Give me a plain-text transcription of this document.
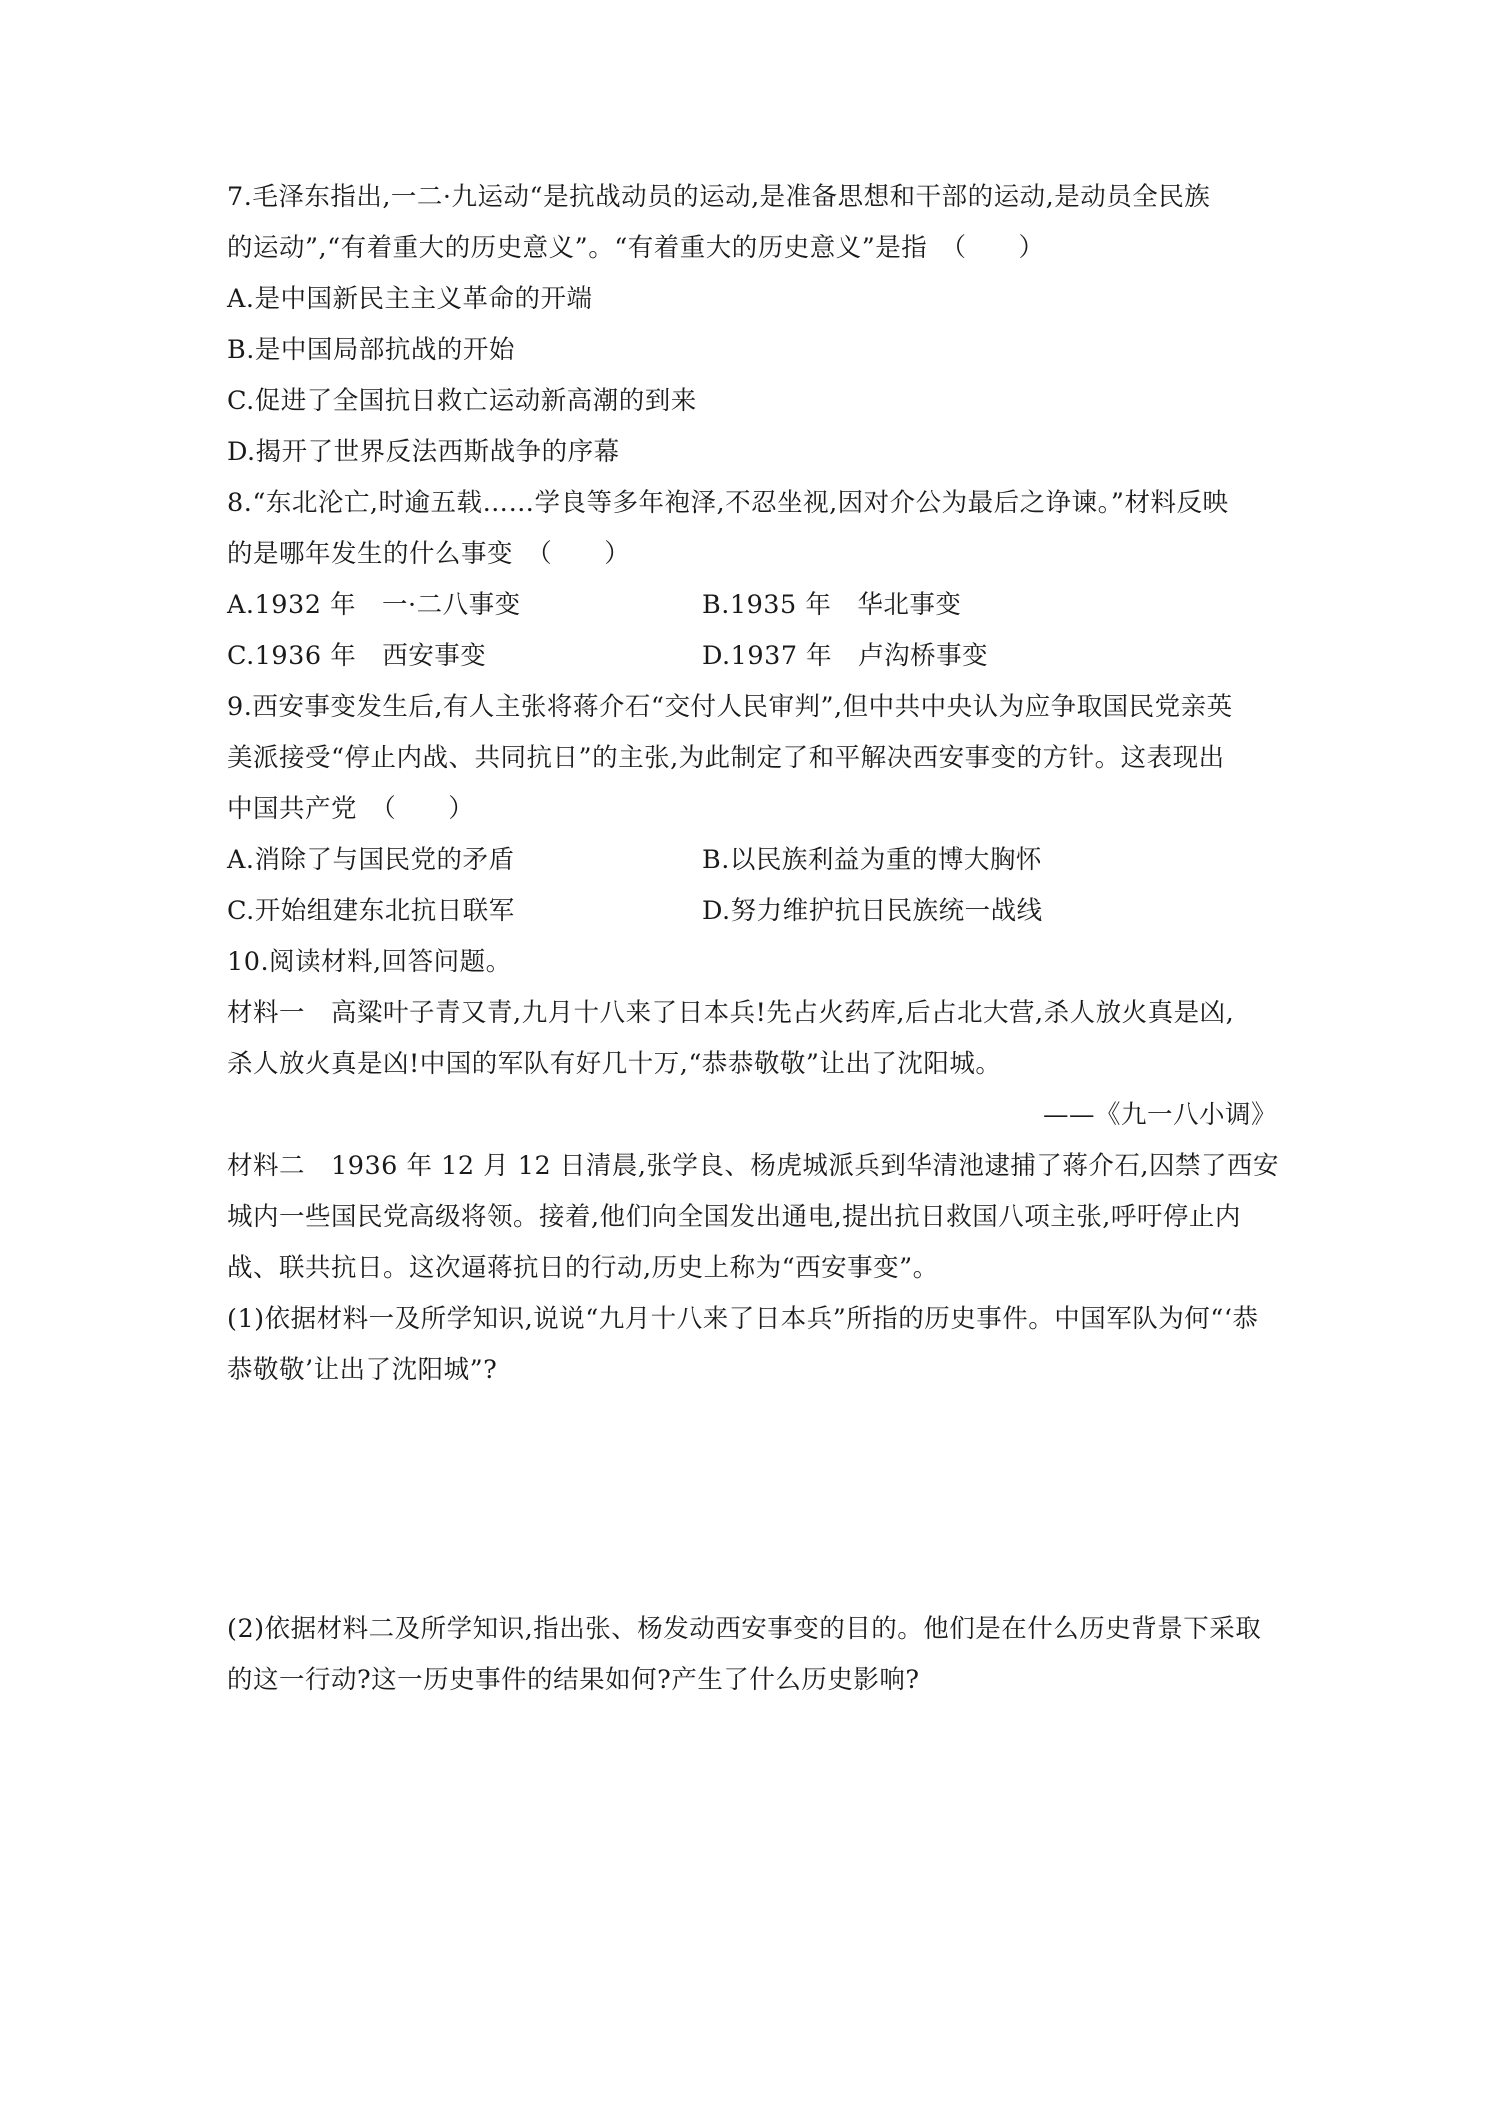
7.毛泽东指出,一二·九运动“是抗战动员的运动,是准备思想和干部的运动,是动员全民族
的运动”,“有着重大的历史意义”。“有着重大的历史意义”是指　（　　）
A.是中国新民主主义革命的开端
B.是中国局部抗战的开始
C.促进了全国抗日救亡运动新高潮的到来
D.揭开了世界反法西斯战争的序幕
8.“东北沦亡,时逾五载……学良等多年袍泽,不忍坐视,因对介公为最后之诤谏。”材料反映
的是哪年发生的什么事变　（　　）
A.1932 年　一·二八事变	B.1935 年　华北事变
C.1936 年　西安事变	D.1937 年　卢沟桥事变
9.西安事变发生后,有人主张将蒋介石“交付人民审判”,但中共中央认为应争取国民党亲英
美派接受“停止内战、共同抗日”的主张,为此制定了和平解决西安事变的方针。这表现出
中国共产党　（　　）
A.消除了与国民党的矛盾	B.以民族利益为重的博大胸怀
C.开始组建东北抗日联军	D.努力维护抗日民族统一战线
10.阅读材料,回答问题。
材料一　高粱叶子青又青,九月十八来了日本兵!先占火药库,后占北大营,杀人放火真是凶,
杀人放火真是凶!中国的军队有好几十万,“恭恭敬敬”让出了沈阳城。
——《九一八小调》
材料二　1936 年 12 月 12 日清晨,张学良、杨虎城派兵到华清池逮捕了蒋介石,囚禁了西安
城内一些国民党高级将领。接着,他们向全国发出通电,提出抗日救国八项主张,呼吁停止内
战、联共抗日。这次逼蒋抗日的行动,历史上称为“西安事变”。
(1)依据材料一及所学知识,说说“九月十八来了日本兵”所指的历史事件。中国军队为何“‘恭
恭敬敬’让出了沈阳城”?
(2)依据材料二及所学知识,指出张、杨发动西安事变的目的。他们是在什么历史背景下采取
的这一行动?这一历史事件的结果如何?产生了什么历史影响?
